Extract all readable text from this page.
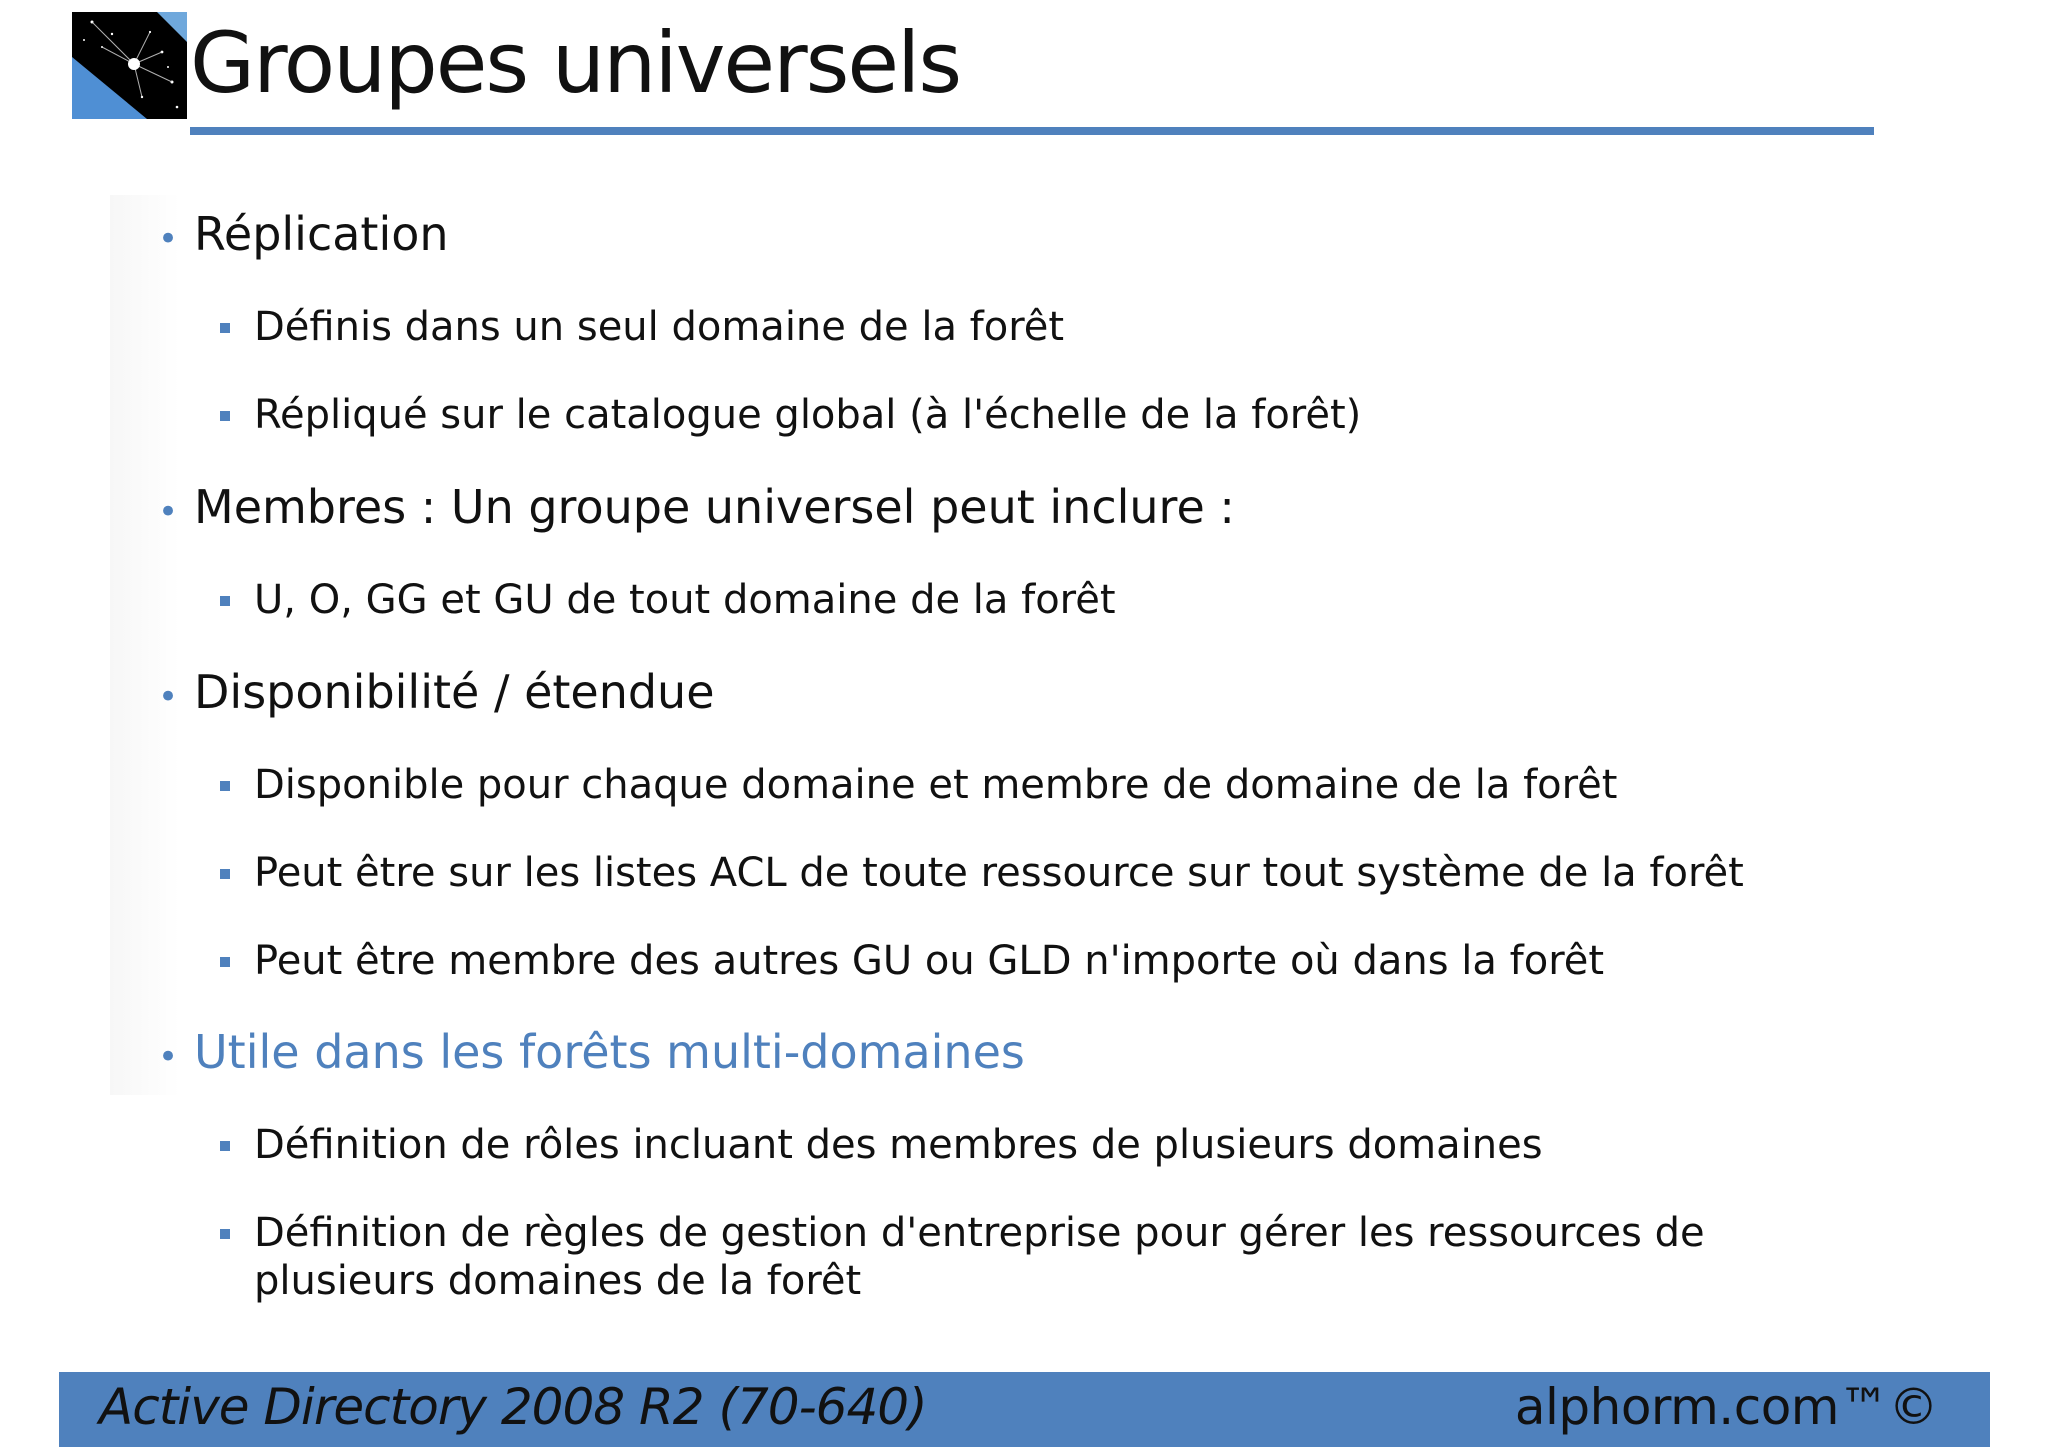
Groupes universels
• Réplication
Définis dans un seul domaine de la forêt
Répliqué sur le catalogue global (à l'échelle de la forêt)
• Membres : Un groupe universel peut inclure :
U, O, GG et GU de tout domaine de la forêt
• Disponibilité / étendue
Disponible pour chaque domaine et membre de domaine de la forêt
Peut être sur les listes ACL de toute ressource sur tout système de la forêt
Peut être membre des autres GU ou GLD n'importe où dans la forêt
• Utile dans les forêts multi-domaines
Définition de rôles incluant des membres de plusieurs domaines
Définition de règles de gestion d'entreprise pour gérer les ressources de
plusieurs domaines de la forêt
Active Directory 2008 R2 (70-640)	alphorm.com™©
